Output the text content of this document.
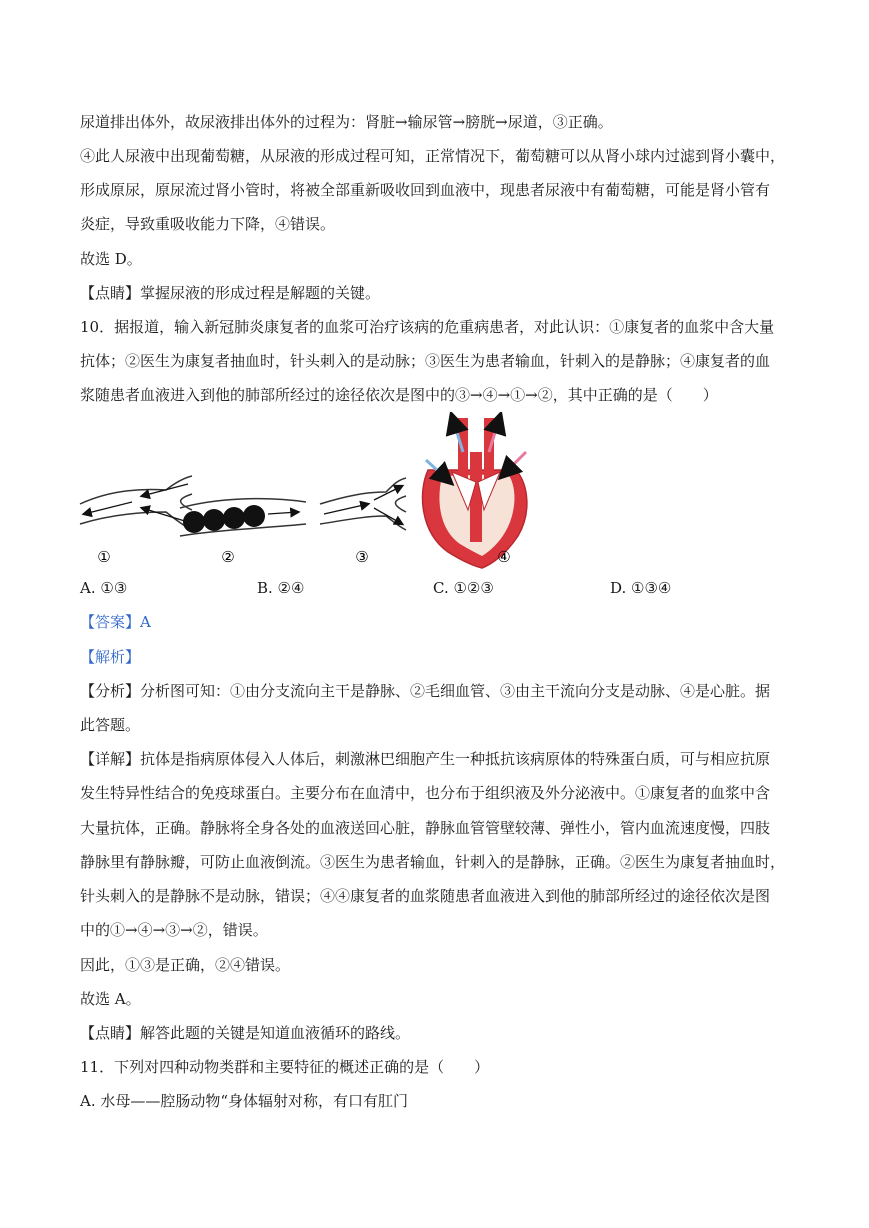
尿道排出体外，故尿液排出体外的过程为：肾脏→输尿管→膀胱→尿道，③正确。
④此人尿液中出现葡萄糖，从尿液的形成过程可知，正常情况下，葡萄糖可以从肾小球内过滤到肾小囊中，
形成原尿，原尿流过肾小管时，将被全部重新吸收回到血液中，现患者尿液中有葡萄糖，可能是肾小管有
炎症，导致重吸收能力下降，④错误。
故选 D。
【点睛】掌握尿液的形成过程是解题的关键。
10．据报道，输入新冠肺炎康复者的血浆可治疗该病的危重病患者，对此认识：①康复者的血浆中含大量
抗体；②医生为康复者抽血时，针头刺入的是动脉；③医生为患者输血，针刺入的是静脉；④康复者的血
浆随患者血液进入到他的肺部所经过的途径依次是图中的③→④→①→②，其中正确的是（　　）
①	②	③	④
A. ①③	B. ②④	C. ①②③	D. ①③④
【答案】A
【解析】
【分析】分析图可知：①由分支流向主干是静脉、②毛细血管、③由主干流向分支是动脉、④是心脏。据
此答题。
【详解】抗体是指病原体侵入人体后，刺激淋巴细胞产生一种抵抗该病原体的特殊蛋白质，可与相应抗原
发生特异性结合的免疫球蛋白。主要分布在血清中，也分布于组织液及外分泌液中。①康复者的血浆中含
大量抗体，正确。静脉将全身各处的血液送回心脏，静脉血管管壁较薄、弹性小，管内血流速度慢，四肢
静脉里有静脉瓣，可防止血液倒流。③医生为患者输血，针刺入的是静脉，正确。②医生为康复者抽血时，
针头刺入的是静脉不是动脉，错误；④④康复者的血浆随患者血液进入到他的肺部所经过的途径依次是图
中的①→④→③→②，错误。
因此，①③是正确，②④错误。
故选 A。
【点睛】解答此题的关键是知道血液循环的路线。
11．下列对四种动物类群和主要特征的概述正确的是（　　）
A. 水母——腔肠动物“身体辐射对称，有口有肛门
